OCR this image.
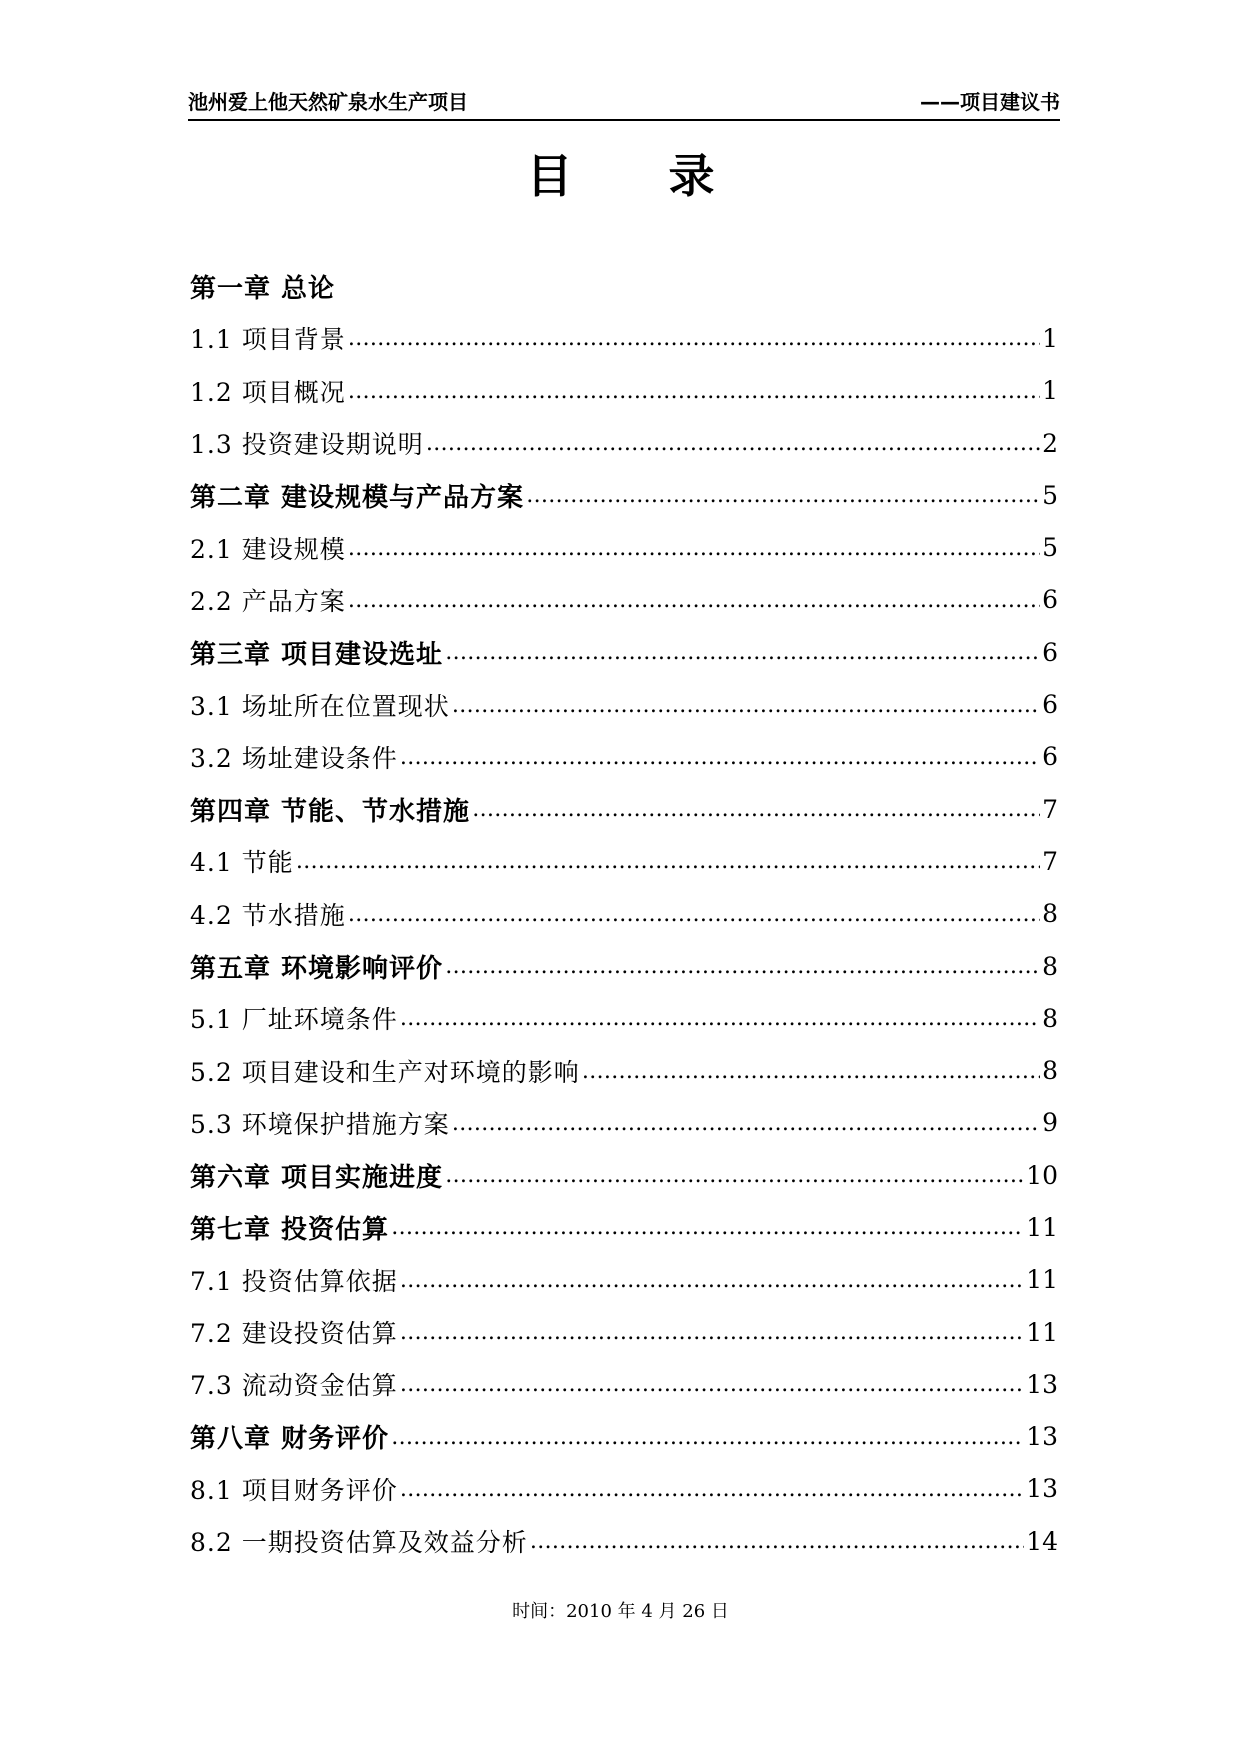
池州爱上他天然矿泉水生产项目	——项目建议书
目 录
第一章 总论
1.1 项目背景 ……………………………………………………………………………………………………………………………………………………………………………………………………	1
1.2 项目概况 ……………………………………………………………………………………………………………………………………………………………………………………………………	1
1.3 投资建设期说明 ……………………………………………………………………………………………………………………………………………………………………………………………………	2
第二章 建设规模与产品方案 ……………………………………………………………………………………………………………………………………………………………………………………………………	5
2.1 建设规模 ……………………………………………………………………………………………………………………………………………………………………………………………………	5
2.2 产品方案 ……………………………………………………………………………………………………………………………………………………………………………………………………	6
第三章 项目建设选址 ……………………………………………………………………………………………………………………………………………………………………………………………………	6
3.1 场址所在位置现状 ……………………………………………………………………………………………………………………………………………………………………………………………………	6
3.2 场址建设条件 ……………………………………………………………………………………………………………………………………………………………………………………………………	6
第四章 节能、节水措施 ……………………………………………………………………………………………………………………………………………………………………………………………………	7
4.1 节能 ……………………………………………………………………………………………………………………………………………………………………………………………………	7
4.2 节水措施 ……………………………………………………………………………………………………………………………………………………………………………………………………	8
第五章 环境影响评价 ……………………………………………………………………………………………………………………………………………………………………………………………………	8
5.1 厂址环境条件 ……………………………………………………………………………………………………………………………………………………………………………………………………	8
5.2 项目建设和生产对环境的影响 ……………………………………………………………………………………………………………………………………………………………………………………………………	8
5.3 环境保护措施方案 ……………………………………………………………………………………………………………………………………………………………………………………………………	9
第六章 项目实施进度 ……………………………………………………………………………………………………………………………………………………………………………………………………	10
第七章 投资估算 ……………………………………………………………………………………………………………………………………………………………………………………………………	11
7.1 投资估算依据 ……………………………………………………………………………………………………………………………………………………………………………………………………	11
7.2 建设投资估算 ……………………………………………………………………………………………………………………………………………………………………………………………………	11
7.3 流动资金估算 ……………………………………………………………………………………………………………………………………………………………………………………………………	13
第八章 财务评价 ……………………………………………………………………………………………………………………………………………………………………………………………………	13
8.1 项目财务评价 ……………………………………………………………………………………………………………………………………………………………………………………………………	13
8.2 一期投资估算及效益分析 ……………………………………………………………………………………………………………………………………………………………………………………………………	14
时间：2010 年 4 月 26 日
